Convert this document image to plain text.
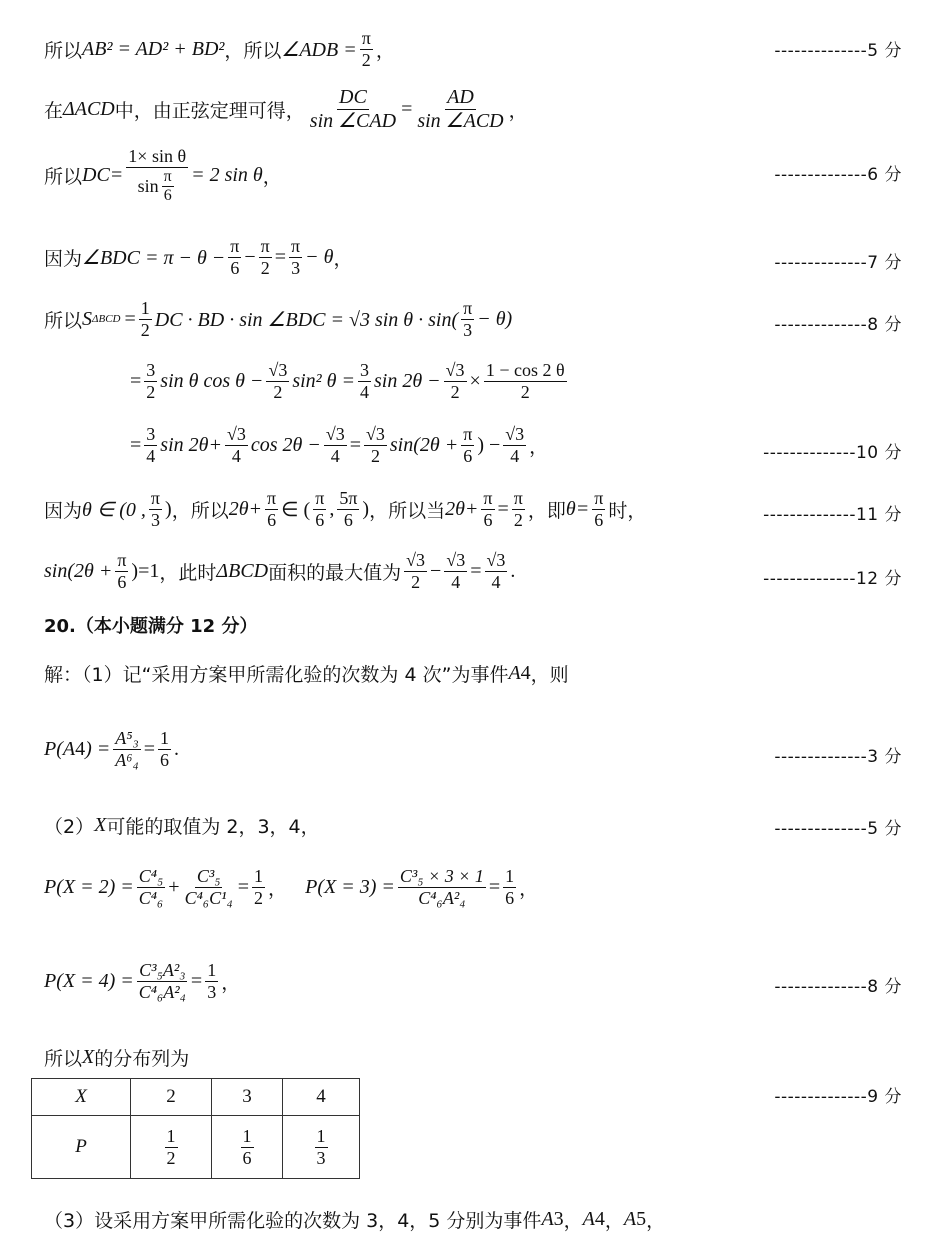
所以 AB² = AD² + BD² ，所以 ∠ADB = $\frac{\pi}{2}$ ，	--------------5 分
在 ΔACD 中，由正弦定理可得， $\frac{DC}{\text{sin ∠CAD}} = \frac{AD}{\text{sin ∠ACD}}$ ，
所以 $DC= \frac{\text{1× sin θ}}{\sin \frac{\pi}{6}} = 2$ sin θ ，	--------------6 分
因为 ∠BDC = $\pi - \theta - \frac{\pi}{6} - \frac{\pi}{2} = \frac{\pi}{3} - \theta$ ，	--------------7 分
所以 S $\Delta BCD = \frac{1}{2}$ DC · BD · sin ∠BDC = √3 $\sin \theta \cdot \sin( \frac{\pi}{3} - \theta)$	--------------8 分
= $\frac{3}{2}$ sin θ $\cos \theta - \frac{√3}{2} \sin^2$ $\theta = \frac{3}{4}$ $\sin 2\theta - \frac{√3}{2} \times \frac{1 - \cos 2 \theta}{2}$
= $\frac{3}{4}$ $\sin 2\theta+ \frac{√3}{4}$ $\cos 2\theta - \frac{√3}{4} = \frac{√3}{2} \sin(2\theta + \frac{\pi}{6}$ ) − $\frac{√3}{4}$ ，	--------------10 分
因为 θ ∈ (0 , $\frac{\pi}{3}$ ) ，所以 $2\theta+ \frac{\pi}{6}$ ∈ ( $\frac{\pi}{6}$ , $\frac{5\pi}{6}$ ) ，所以当 $2\theta+ \frac{\pi}{6} = \frac{\pi}{2}$ ，即 $\theta= \frac{\pi}{6}$ 时，	--------------11 分
$\sin(2\theta + \frac{\pi}{6} )=1$ ，此时 ΔBCD 面积的最大值为 $\frac{√3}{2} - \frac{√3}{4} = \frac{√3}{4}$ .	--------------12 分
20.（本小题满分 12 分）
解：（1）记“采用方案甲所需化验的次数为 4 次”为事件 A 4 ，则
P(A 4 ) = $\frac{\text{A⁵₃}}{\text{A⁶₄}} = \frac{1}{6}$ .	--------------3 分
（2） X 可能的取值为 2，3，4，	--------------5 分
$P(X = 2) = \frac{\text{C⁴₅}}{\text{C⁴₆}} + \frac{\text{C³₅}}{\text{C⁴₆C¹₄}} = \frac{1}{2}$ ， $P(X = 3) = \frac{\text{C³₅ × 3 × 1}}{\text{C⁴₆A²₄}} = \frac{1}{6}$ ，
$P(X = 4) = \frac{\text{C³₅A²₃}}{\text{C⁴₆A²₄}} = \frac{1}{3}$ ，	--------------8 分
所以 X 的分布列为
X	2	3	4
P	$\frac{1}{2}$	$\frac{1}{6}$	$\frac{1}{3}$
--------------9 分
（3）设采用方案甲所需化验的次数为 3，4，5 分别为事件 A 3 ， A 4 ， A 5 ，
